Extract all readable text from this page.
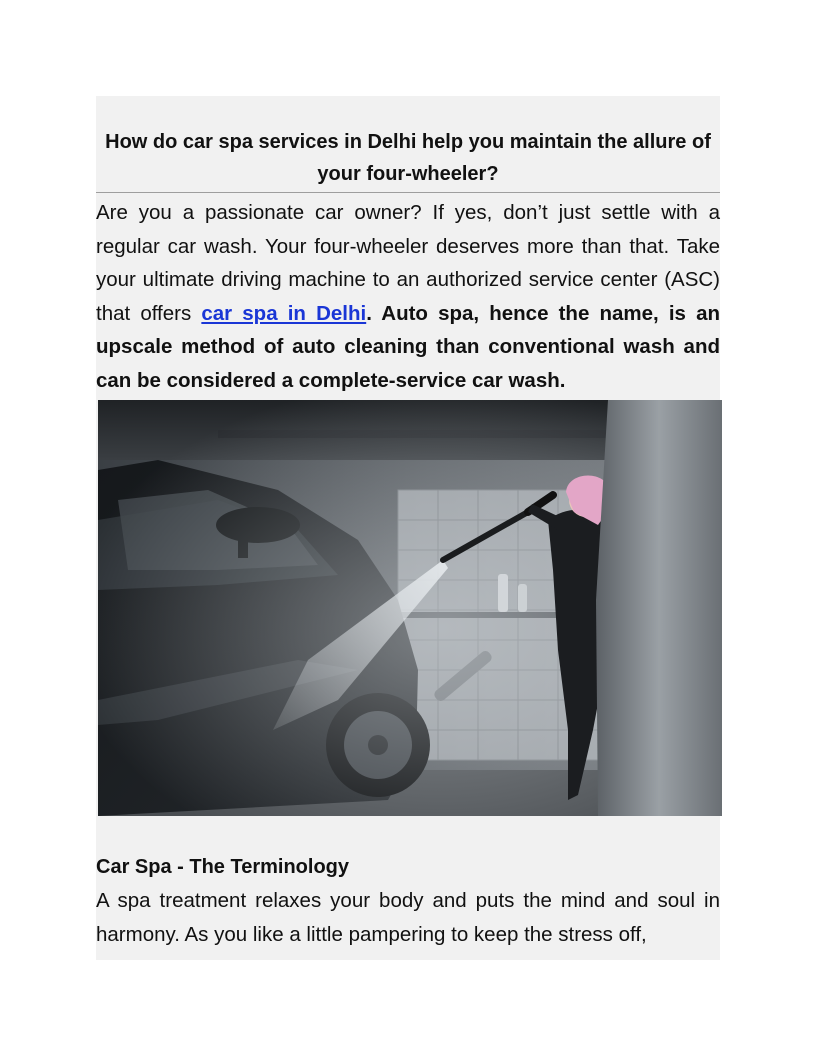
How do car spa services in Delhi help you maintain the allure of your four-wheeler?

Are you a passionate car owner? If yes, don’t just settle with a regular car wash. Your four-wheeler deserves more than that. Take your ultimate driving machine to an authorized service center (ASC) that offers car spa in Delhi. Auto spa, hence the name, is an upscale method of auto cleaning than conventional wash and can be considered a complete-service car wash.

Car Spa - The Terminology

A spa treatment relaxes your body and puts the mind and soul in harmony. As you like a little pampering to keep the stress off,
